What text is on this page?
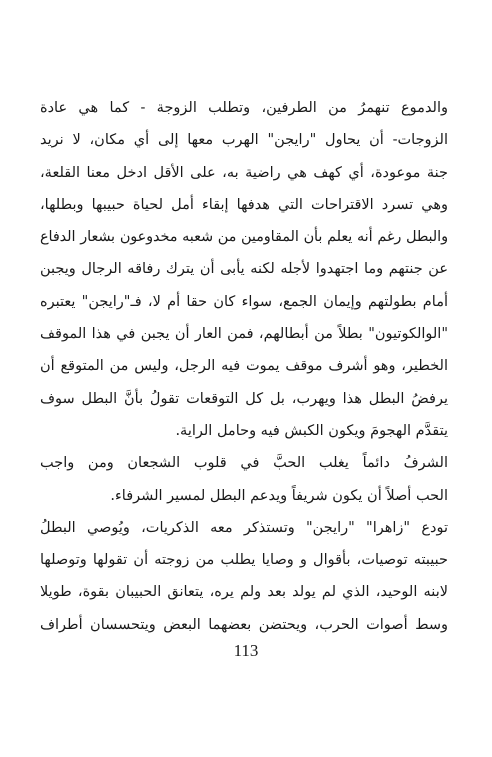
والدموع تنهمرُ من الطرفين، وتطلب الزوجة - كما هي عادة
الزوجات- أن يحاول "رايجن" الهرب معها إلى أي مكان، لا نريد
جنة موعودة، أي كهف هي راضية به، على الأقل ادخل معنا القلعة،
وهي تسرد الاقتراحات التي هدفها إبقاء أمل لحياة حبيبها وبطلها،
والبطل رغم أنه يعلم بأن المقاومين من شعبه مخدوعون بشعار الدفاع
عن جنتهم وما اجتهدوا لأجله لكنه يأبى أن يترك رفاقه الرجال ويجبن
أمام بطولتهم وإيمان الجمع، سواء كان حقا أم لا، فـ"رايجن" يعتبره
"الوالكوتيون" بطلاً من أبطالهم، فمن العار أن يجبن في هذا الموقف
الخطير، وهو أشرف موقف يموت فيه الرجل، وليس من المتوقع أن
يرفضُ البطل هذا ويهرب، بل كل التوقعات تقولُ بأنَّ البطل سوف
يتقدَّم الهجومَ ويكون الكبش فيه وحامل الراية.
الشرفُ دائماً يغلب الحبَّ في قلوب الشجعان ومن واجب
الحب أصلاً أن يكون شريفاً ويدعم البطل لمسير الشرفاء.
تودع "زاهرا" "رايجن" وتستذكر معه الذكريات، ويُوصي البطلُ
حبيبته توصيات، بأقوال و وصايا يطلب من زوجته أن تقولها وتوصلها
لابنه الوحيد، الذي لم يولد بعد ولم يره، يتعانق الحبيبان بقوة، طويلا
وسط أصوات الحرب، ويحتضن بعضهما البعض ويتحسسان أطراف
113
